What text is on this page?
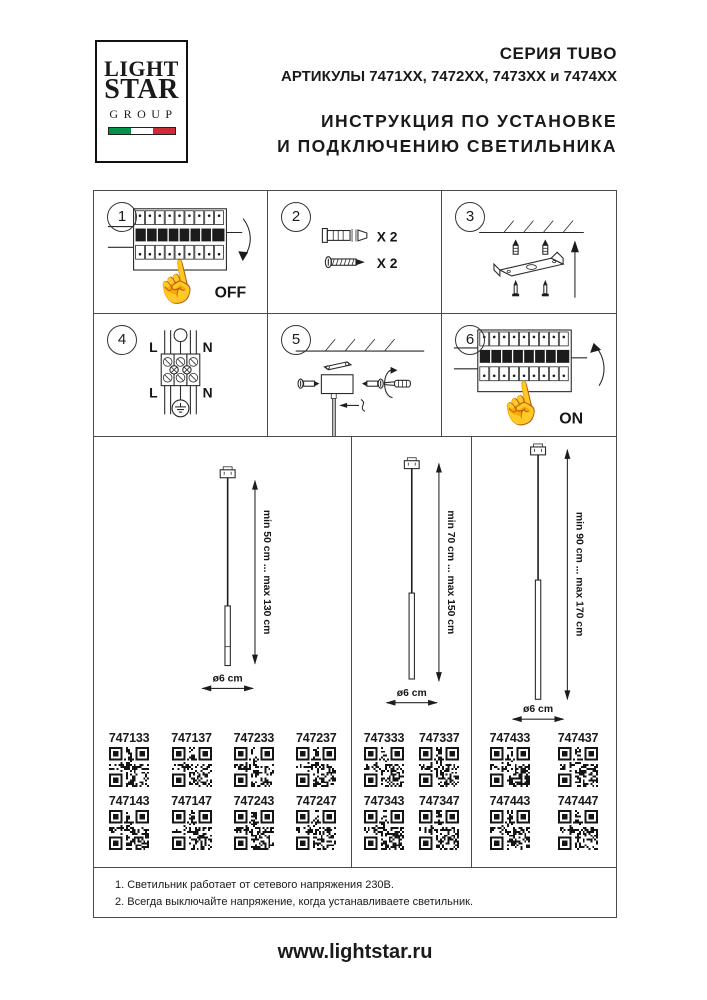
LIGHT
STAR
GROUP
СЕРИЯ TUBO
АРТИКУЛЫ 7471XX, 7472XX, 7473XX и 7474XX
ИНСТРУКЦИЯ ПО УСТАНОВКЕ
И ПОДКЛЮЧЕНИЮ СВЕТИЛЬНИКА
☝ OFF
1
X 2
X 2
2	3
L	N
L	N
4	5
☝ ON
6
min 50 cm ... max 130 cm
ø6 cm
747133 747137 747233 747237
747143 747147 747243 747247
min 70 cm ... max 150 cm
ø6 cm
747333 747337
747343 747347
min 90 cm ... max 170 cm
ø6 cm
747433 747437
747443 747447
1. Светильник работает от сетевого напряжения 230В.
2. Всегда выключайте напряжение, когда устанавливаете светильник.
www.lightstar.ru
